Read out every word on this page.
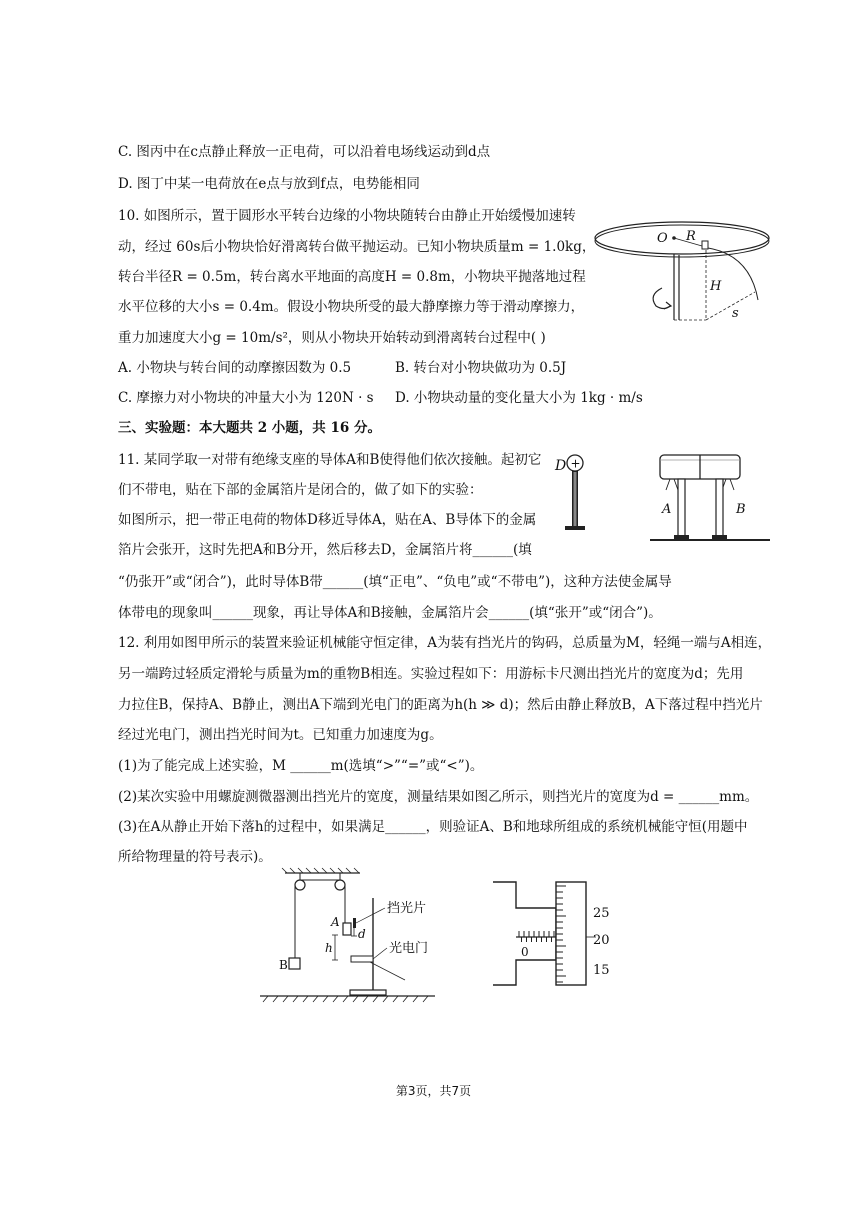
C. 图丙中在c点静止释放一正电荷，可以沿着电场线运动到d点
D. 图丁中某一电荷放在e点与放到f点，电势能相同
10. 如图所示，置于圆形水平转台边缘的小物块随转台由静止开始缓慢加速转
动，经过 60s后小物块恰好滑离转台做平抛运动。已知小物块质量m = 1.0kg，
转台半径R = 0.5m，转台离水平地面的高度H = 0.8m，小物块平抛落地过程
水平位移的大小s = 0.4m。假设小物块所受的最大静摩擦力等于滑动摩擦力，
重力加速度大小g = 10m/s²，则从小物块开始转动到滑离转台过程中( )
A. 小物块与转台间的动摩擦因数为 0.5	B. 转台对小物块做功为 0.5J
C. 摩擦力对小物块的冲量大小为 120N · s D. 小物块动量的变化量大小为 1kg · m/s
三、实验题：本大题共 2 小题，共 16 分。
11. 某同学取一对带有绝缘支座的导体A和B使得他们依次接触。起初它
们不带电，贴在下部的金属箔片是闭合的，做了如下的实验：
如图所示，把一带正电荷的物体D移近导体A，贴在A、B导体下的金属
箔片会张开，这时先把A和B分开，然后移去D，金属箔片将______(填
“仍张开”或“闭合”)，此时导体B带______(填“正电”、“负电”或“不带电”)，这种方法使金属导
体带电的现象叫______现象，再让导体A和B接触，金属箔片会______(填“张开”或“闭合”)。
12. 利用如图甲所示的装置来验证机械能守恒定律，A为装有挡光片的钩码，总质量为M，轻绳一端与A相连，
另一端跨过轻质定滑轮与质量为m的重物B相连。实验过程如下：用游标卡尺测出挡光片的宽度为d；先用
力拉住B，保持A、B静止，测出A下端到光电门的距离为h(h ≫ d)；然后由静止释放B，A下落过程中挡光片
经过光电门，测出挡光时间为t。已知重力加速度为g。
(1)为了能完成上述实验，M ______m(选填“>”“=”或“<”)。
(2)某次实验中用螺旋测微器测出挡光片的宽度，测量结果如图乙所示，则挡光片的宽度为d = ______mm。
(3)在A从静止开始下落h的过程中，如果满足______，则验证A、B和地球所组成的系统机械能守恒(用题中
所给物理量的符号表示)。
O R
H
s
+
D
A	B
挡光片
光电门
A
d
h
B
25
20
15
0
第3页，共7页
